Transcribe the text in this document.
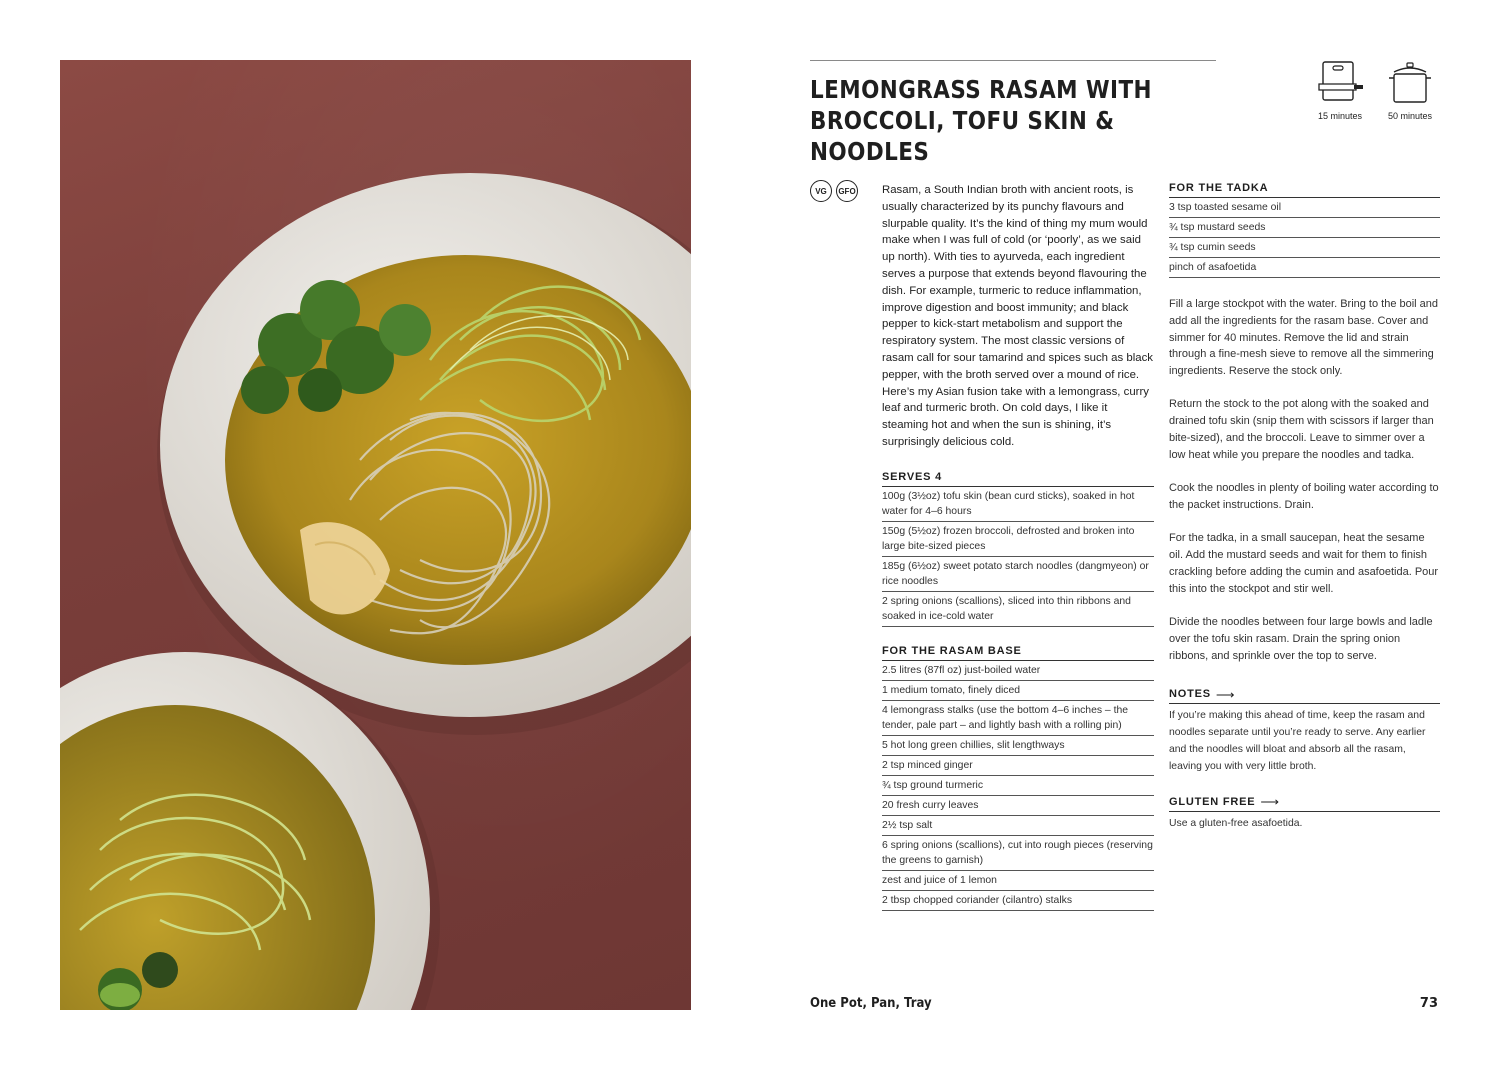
LEMONGRASS RASAM WITH
BROCCOLI, TOFU SKIN & NOODLES
15 minutes	50 minutes
VG	GFO Rasam, a South Indian broth with ancient roots, is usually characterized by its punchy flavours and slurpable quality. It’s the kind of thing my mum would make when I was full of cold (or ‘poorly’, as we said up north). With ties to ayurveda, each ingredient serves a purpose that extends beyond flavouring the dish. For example, turmeric to reduce inflammation, improve digestion and boost immunity; and black pepper to kick-start metabolism and support the respiratory system. The most classic versions of rasam call for sour tamarind and spices such as black pepper, with the broth served over a mound of rice. Here’s my Asian fusion take with a lemongrass, curry leaf and turmeric broth. On cold days, I like it steaming hot and when the sun is shining, it’s surprisingly delicious cold.

SERVES 4
100g (3½oz) tofu skin (bean curd sticks), soaked in hot water for 4–6 hours
150g (5½oz) frozen broccoli, defrosted and broken into large bite-sized pieces
185g (6½oz) sweet potato starch noodles (dangmyeon) or rice noodles
2 spring onions (scallions), sliced into thin ribbons and soaked in ice-cold water
FOR THE RASAM BASE
2.5 litres (87fl oz) just-boiled water
1 medium tomato, finely diced
4 lemongrass stalks (use the bottom 4–6 inches – the tender, pale part – and lightly bash with a rolling pin)
5 hot long green chillies, slit lengthways
2 tsp minced ginger
¾ tsp ground turmeric
20 fresh curry leaves
2½ tsp salt
6 spring onions (scallions), cut into rough pieces (reserving the greens to garnish)
zest and juice of 1 lemon
2 tbsp chopped coriander (cilantro) stalks
FOR THE TADKA
3 tsp toasted sesame oil
¾ tsp mustard seeds
¾ tsp cumin seeds
pinch of asafoetida

Fill a large stockpot with the water. Bring to the boil and add all the ingredients for the rasam base. Cover and simmer for 40 minutes. Remove the lid and strain through a fine-mesh sieve to remove all the simmering ingredients. Reserve the stock only.

Return the stock to the pot along with the soaked and drained tofu skin (snip them with scissors if larger than bite-sized), and the broccoli. Leave to simmer over a low heat while you prepare the noodles and tadka.

Cook the noodles in plenty of boiling water according to the packet instructions. Drain.

For the tadka, in a small saucepan, heat the sesame oil. Add the mustard seeds and wait for them to finish crackling before adding the cumin and asafoetida. Pour this into the stockpot and stir well.

Divide the noodles between four large bowls and ladle over the tofu skin rasam. Drain the spring onion ribbons, and sprinkle over the top to serve.

NOTES ⟶

If you’re making this ahead of time, keep the rasam and noodles separate until you’re ready to serve. Any earlier and the noodles will bloat and absorb all the rasam, leaving you with very little broth.

GLUTEN FREE ⟶

Use a gluten-free asafoetida.

One Pot, Pan, Tray	73
